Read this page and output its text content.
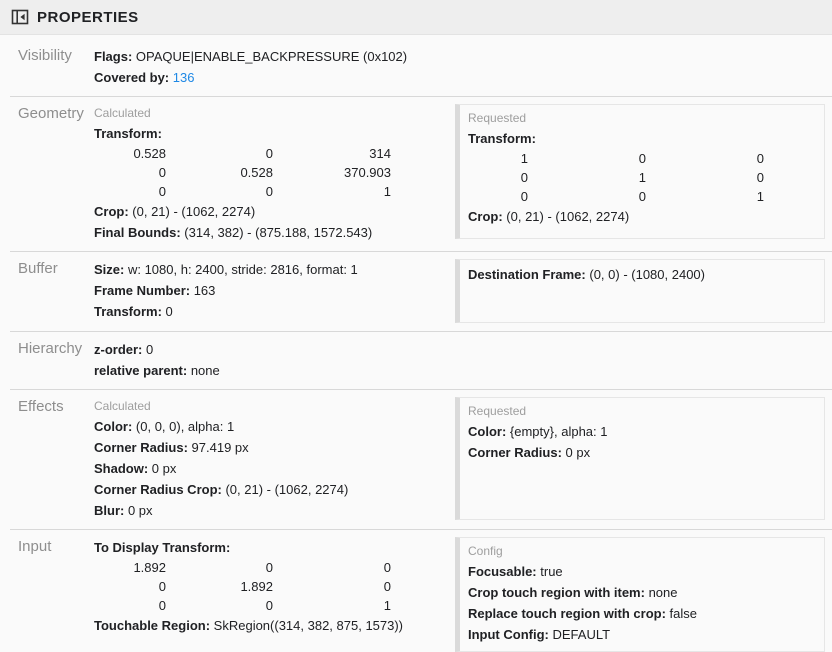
PROPERTIES
Visibility	Flags: OPAQUE|ENABLE_BACKPRESSURE (0x102)
Covered by: 136
Geometry Calculated
Transform:
0.528	0	314
0	0.528	370.903
0	0	1
Crop: (0, 21) - (1062, 2274)
Final Bounds: (314, 382) - (875.188, 1572.543)
Requested
Transform:
1	0	0
0	1	0
0	0	1
Crop: (0, 21) - (1062, 2274)
Buffer	Size: w: 1080, h: 2400, stride: 2816, format: 1
Frame Number: 163
Transform: 0
Destination Frame: (0, 0) - (1080, 2400)
Hierarchy z-order: 0
relative parent: none
Effects	Calculated
Color: (0, 0, 0), alpha: 1
Corner Radius: 97.419 px
Shadow: 0 px
Corner Radius Crop: (0, 21) - (1062, 2274)
Blur: 0 px
Requested
Color: {empty}, alpha: 1
Corner Radius: 0 px
Input	To Display Transform:
1.892	0	0
0	1.892	0
0	0	1
Touchable Region: SkRegion((314, 382, 875, 1573))
Config
Focusable: true
Crop touch region with item: none
Replace touch region with crop: false
Input Config: DEFAULT
